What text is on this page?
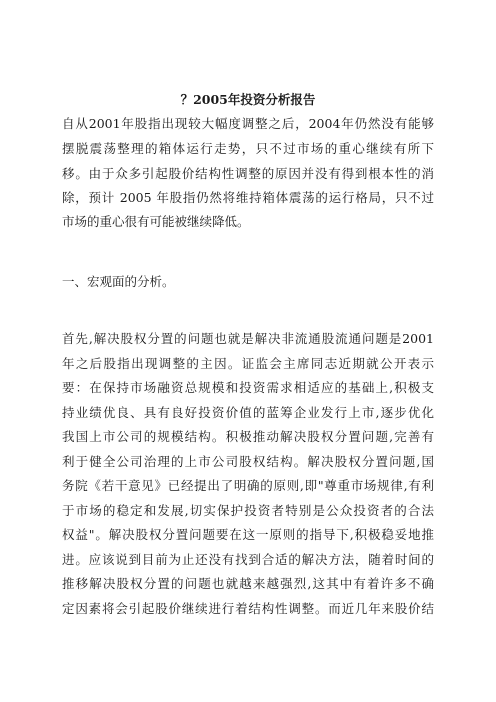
？2005年投资分析报告
自从2001年股指出现较大幅度调整之后，2004年仍然没有能够
摆脱震荡整理的箱体运行走势，只不过市场的重心继续有所下
移。由于众多引起股价结构性调整的原因并没有得到根本性的消
除，预计 2005 年股指仍然将维持箱体震荡的运行格局，只不过
市场的重心很有可能被继续降低。
一、宏观面的分析。
首先,解决股权分置的问题也就是解决非流通股流通问题是2001
年之后股指出现调整的主因。证监会主席同志近期就公开表示
要：在保持市场融资总规模和投资需求相适应的基础上,积极支
持业绩优良、具有良好投资价值的蓝筹企业发行上市,逐步优化
我国上市公司的规模结构。积极推动解决股权分置问题,完善有
利于健全公司治理的上市公司股权结构。解决股权分置问题,国
务院《若干意见》已经提出了明确的原则,即"尊重市场规律,有利
于市场的稳定和发展,切实保护投资者特别是公众投资者的合法
权益"。解决股权分置问题要在这一原则的指导下,积极稳妥地推
进。应该说到目前为止还没有找到合适的解决方法，随着时间的
推移解决股权分置的问题也就越来越强烈,这其中有着许多不确
定因素将会引起股价继续进行着结构性调整。而近几年来股价结
